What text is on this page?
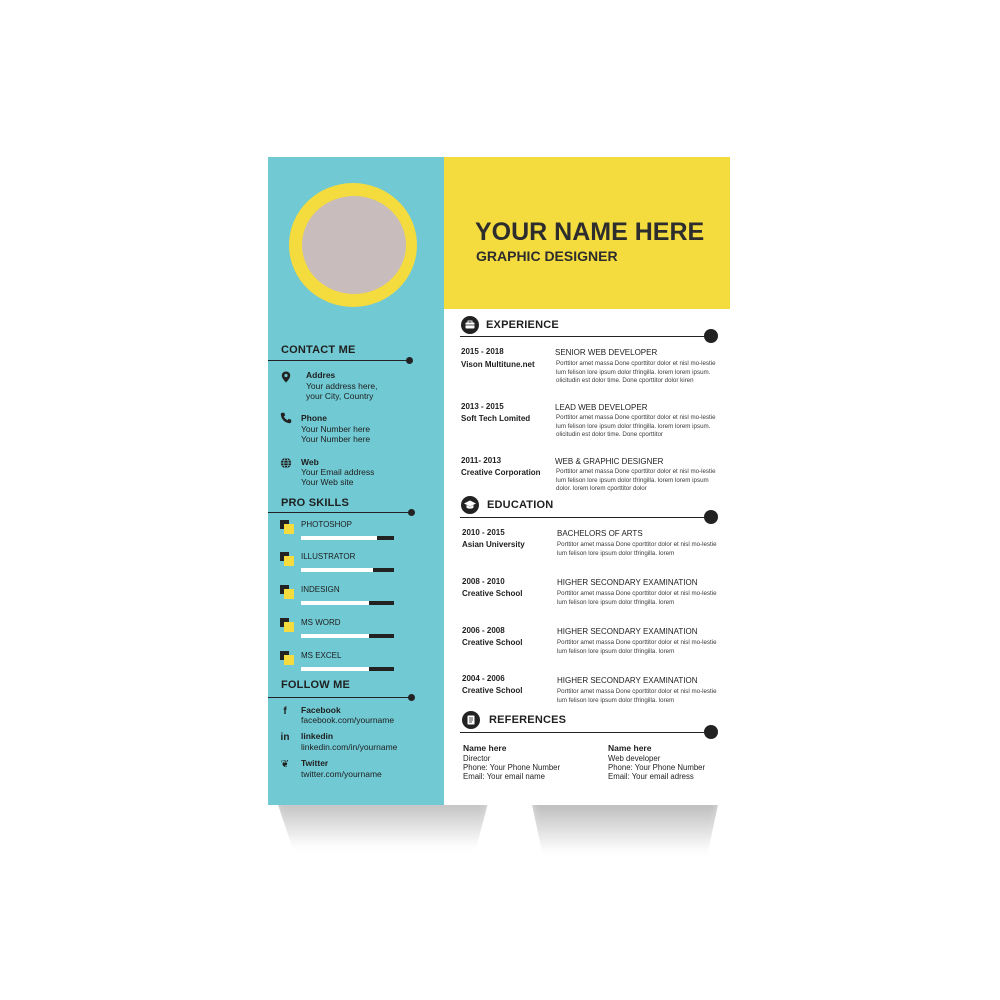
YOUR NAME HERE
GRAPHIC DESIGNER
CONTACT ME
Addres
Your address here,
your City, Country
Phone
Your Number here
Your Number here
Web
Your Email address
Your Web site
PRO SKILLS
PHOTOSHOP
ILLUSTRATOR
INDESIGN
MS WORD
MS EXCEL
FOLLOW ME
f	Facebook
facebook.com/yourname
in linkedin
linkedin.com/in/yourname
❦ Twitter
twitter.com/yourname
EXPERIENCE
2015 - 2018
Vison Multitune.net
SENIOR WEB DEVELOPER
Porttitor amet massa Done cporttitor dolor et nisl mo-lestie lum felison lore ipsum dolor tfringilla. lorem lorem ipsum. olicitudin est dolor time. Done cporttitor dolor kiren
2013 - 2015
Soft Tech Lomited
LEAD WEB DEVELOPER
Porttitor amet massa Done cporttitor dolor et nisl mo-lestie lum felison lore ipsum dolor tfringilla. lorem lorem ipsum. olicitudin est dolor time. Done cporttitor
2011- 2013
Creative Corporation
WEB & GRAPHIC DESIGNER
Porttitor amet massa Done cporttitor dolor et nisl mo-lestie lum felison lore ipsum dolor tfringilla. lorem lorem ipsum dolor. lorem lorem cporttitor dolor
EDUCATION
2010 - 2015
Asian University
BACHELORS OF ARTS
Porttitor amet massa Done cporttitor dolor et nisl mo-lestie lum felison lore ipsum dolor tfringilla. lorem
2008 - 2010
Creative School
HIGHER SECONDARY EXAMINATION
Porttitor amet massa Done cporttitor dolor et nisl mo-lestie lum felison lore ipsum dolor tfringilla. lorem
2006 - 2008
Creative School
HIGHER SECONDARY EXAMINATION
Porttitor amet massa Done cporttitor dolor et nisl mo-lestie lum felison lore ipsum dolor tfringilla. lorem
2004 - 2006
Creative School
HIGHER SECONDARY EXAMINATION
Porttitor amet massa Done cporttitor dolor et nisl mo-lestie lum felison lore ipsum dolor tfringilla. lorem
REFERENCES
Name here
Director
Phone: Your Phone Number
Email: Your email name
Name here
Web developer
Phone: Your Phone Number
Email: Your email adress
